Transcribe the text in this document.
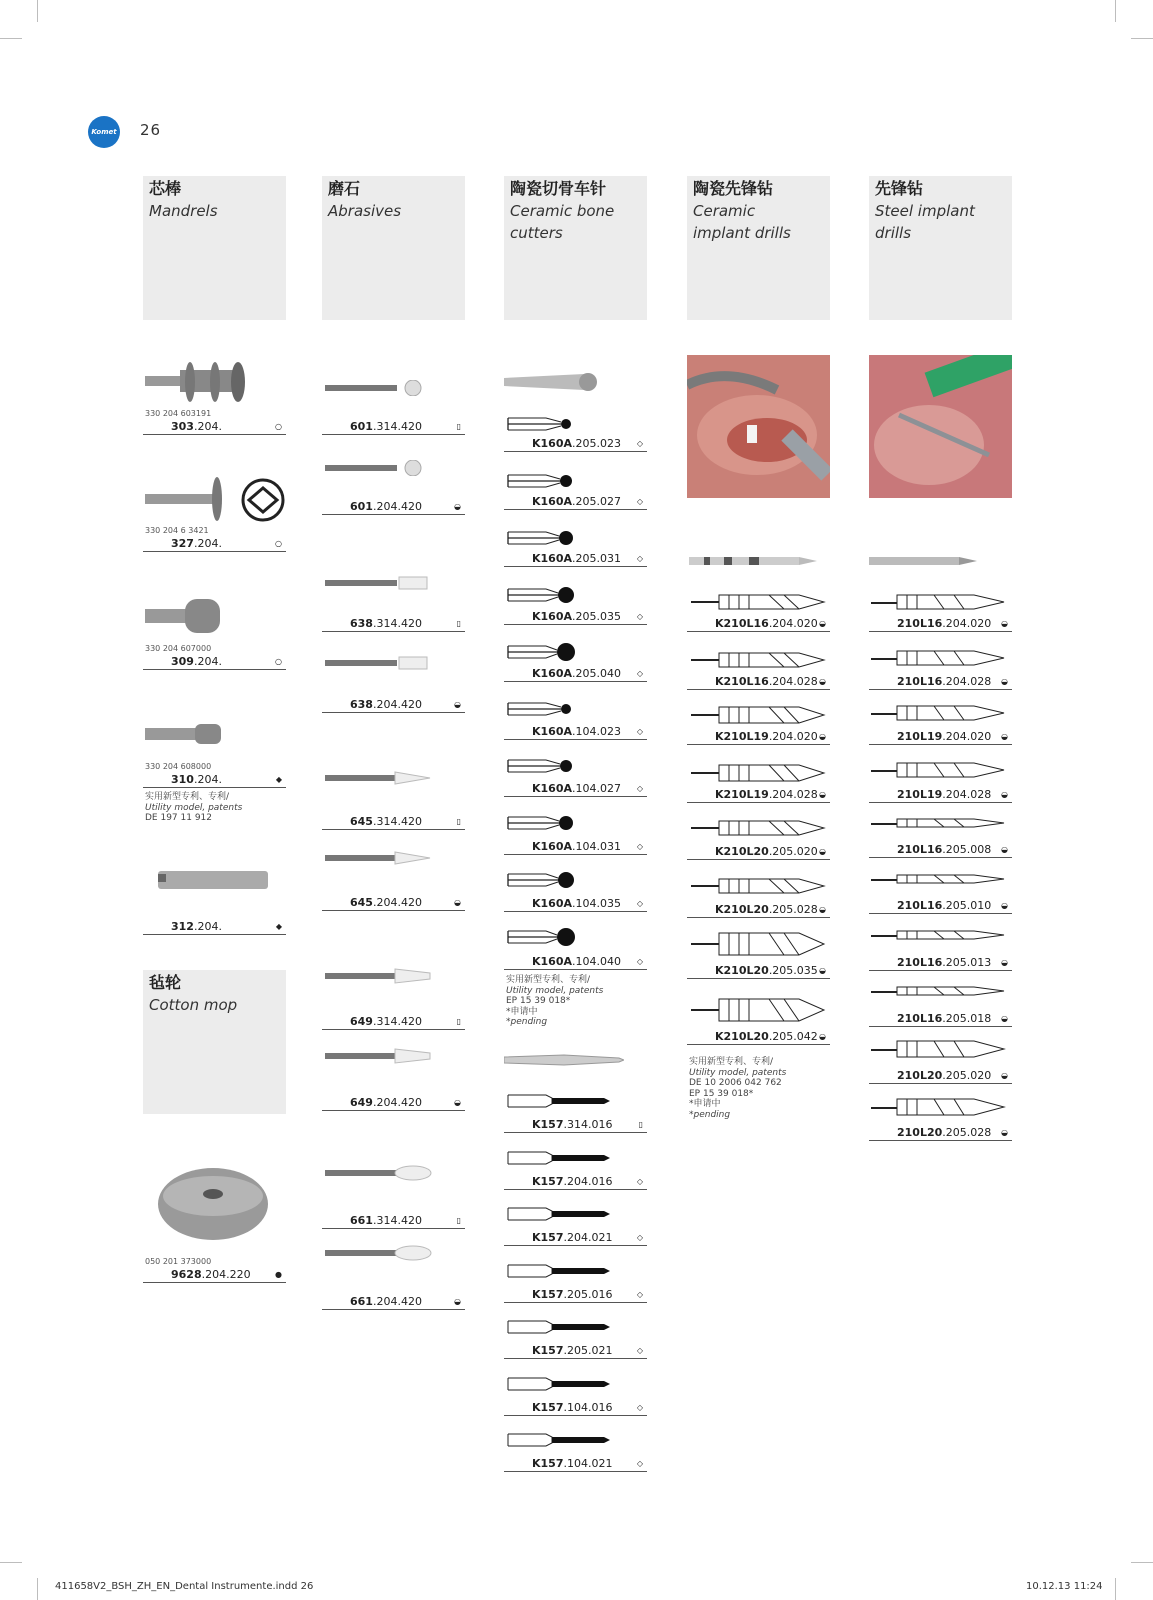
Komet 26
芯棒
Mandrels
磨石
Abrasives
陶瓷切骨车针
Ceramic bone
cutters
陶瓷先锋钻
Ceramic
implant drills
先锋钻
Steel implant
drills
毡轮
Cotton mop
实用新型专利、专利/
Utility model, patents
DE 197 11 912
实用新型专利、专利/
Utility model, patents
EP 15 39 018*
*申请中
*pending
实用新型专利、专利/
Utility model, patents
DE 10 2006 042 762
EP 15 39 018*
*申请中
*pending
411658V2_BSH_ZH_EN_Dental Instrumente.indd 26	10.12.13 11:24
330 204 603191
303.204.	○
330 204 6 3421
327.204.	○
330 204 607000
309.204.	○
330 204 608000
310.204.	◆
312.204.	◆
050 201 373000
9628.204.220	●
601.314.420	▯
601.204.420	◒
638.314.420	▯
638.204.420	◒
645.314.420	▯
645.204.420	◒
649.314.420	▯
649.204.420	◒
661.314.420	▯
661.204.420	◒
K160A.205.023 ◇
K160A.205.027 ◇
K160A.205.031 ◇
K160A.205.035 ◇
K160A.205.040 ◇
K160A.104.023 ◇
K160A.104.027 ◇
K160A.104.031 ◇
K160A.104.035 ◇
K160A.104.040 ◇
K157.314.016	▯
K157.204.016	◇
K157.204.021	◇
K157.205.016	◇
K157.205.021	◇
K157.104.016	◇
K157.104.021	◇
K210L16.204.020 ◒
K210L16.204.028 ◒
K210L19.204.020 ◒
K210L19.204.028 ◒
K210L20.205.020 ◒
K210L20.205.028 ◒
K210L20.205.035 ◒
K210L20.205.042 ◒
210L16.204.020 ◒
210L16.204.028 ◒
210L19.204.020 ◒
210L19.204.028 ◒
210L16.205.008 ◒
210L16.205.010 ◒
210L16.205.013 ◒
210L16.205.018 ◒
210L20.205.020 ◒
210L20.205.028 ◒
